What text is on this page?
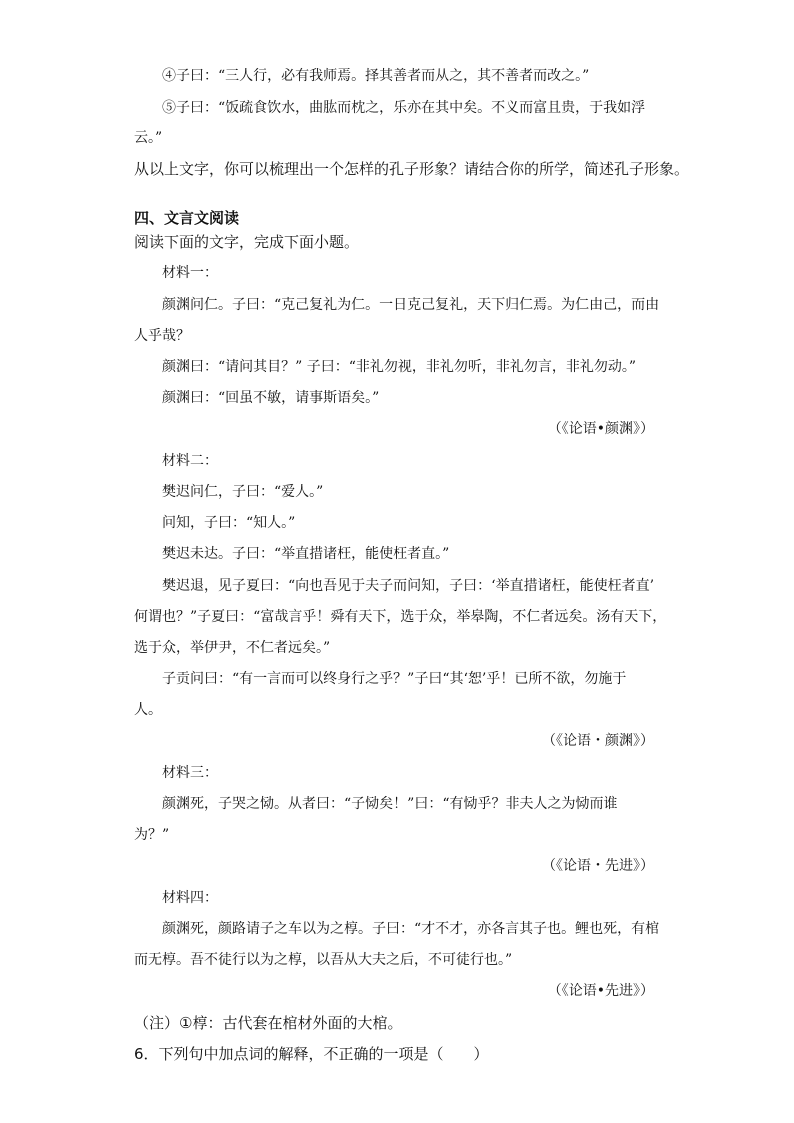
④子曰：“三人行，必有我师焉。择其善者而从之，其不善者而改之。”
⑤子曰：“饭疏食饮水，曲肱而枕之，乐亦在其中矣。不义而富且贵，于我如浮
云。”
从以上文字，你可以梳理出一个怎样的孔子形象？请结合你的所学，简述孔子形象。
四、文言文阅读
阅读下面的文字，完成下面小题。
材料一：
颜渊问仁。子曰：“克己复礼为仁。一日克己复礼，天下归仁焉。为仁由己，而由
人乎哉？
颜渊曰：“请问其目？” 子曰：“非礼勿视，非礼勿听，非礼勿言，非礼勿动。”
颜渊曰：“回虽不敏，请事斯语矣。”
（《论语•颜渊》）
材料二：
樊迟问仁，子曰：“爱人。”
问知，子曰：“知人。”
樊迟未达。子曰：“举直措诸枉，能使枉者直。”
樊迟退，见子夏曰：“向也吾见于夫子而问知，子曰：‘举直措诸枉，能使枉者直’
何谓也？”子夏曰：“富哉言乎！舜有天下，选于众，举皋陶，不仁者远矣。汤有天下，
选于众，举伊尹，不仁者远矣。”
子贡问曰：“有一言而可以终身行之乎？”子曰“其‘恕’乎！已所不欲，勿施于
人。
（《论语・颜渊》）
材料三：
颜渊死，子哭之恸。从者曰：“子恸矣！”曰：“有恸乎？非夫人之为恸而谁
为？”
（《论语・先进》）
材料四：
颜渊死，颜路请子之车以为之椁。子曰：“才不才，亦各言其子也。鲤也死，有棺
而无椁。吾不徒行以为之椁，以吾从大夫之后，不可徒行也。”
（《论语•先进》）
（注）①椁：古代套在棺材外面的大棺。
6．下列句中加点词的解释，不正确的一项是（　　）
